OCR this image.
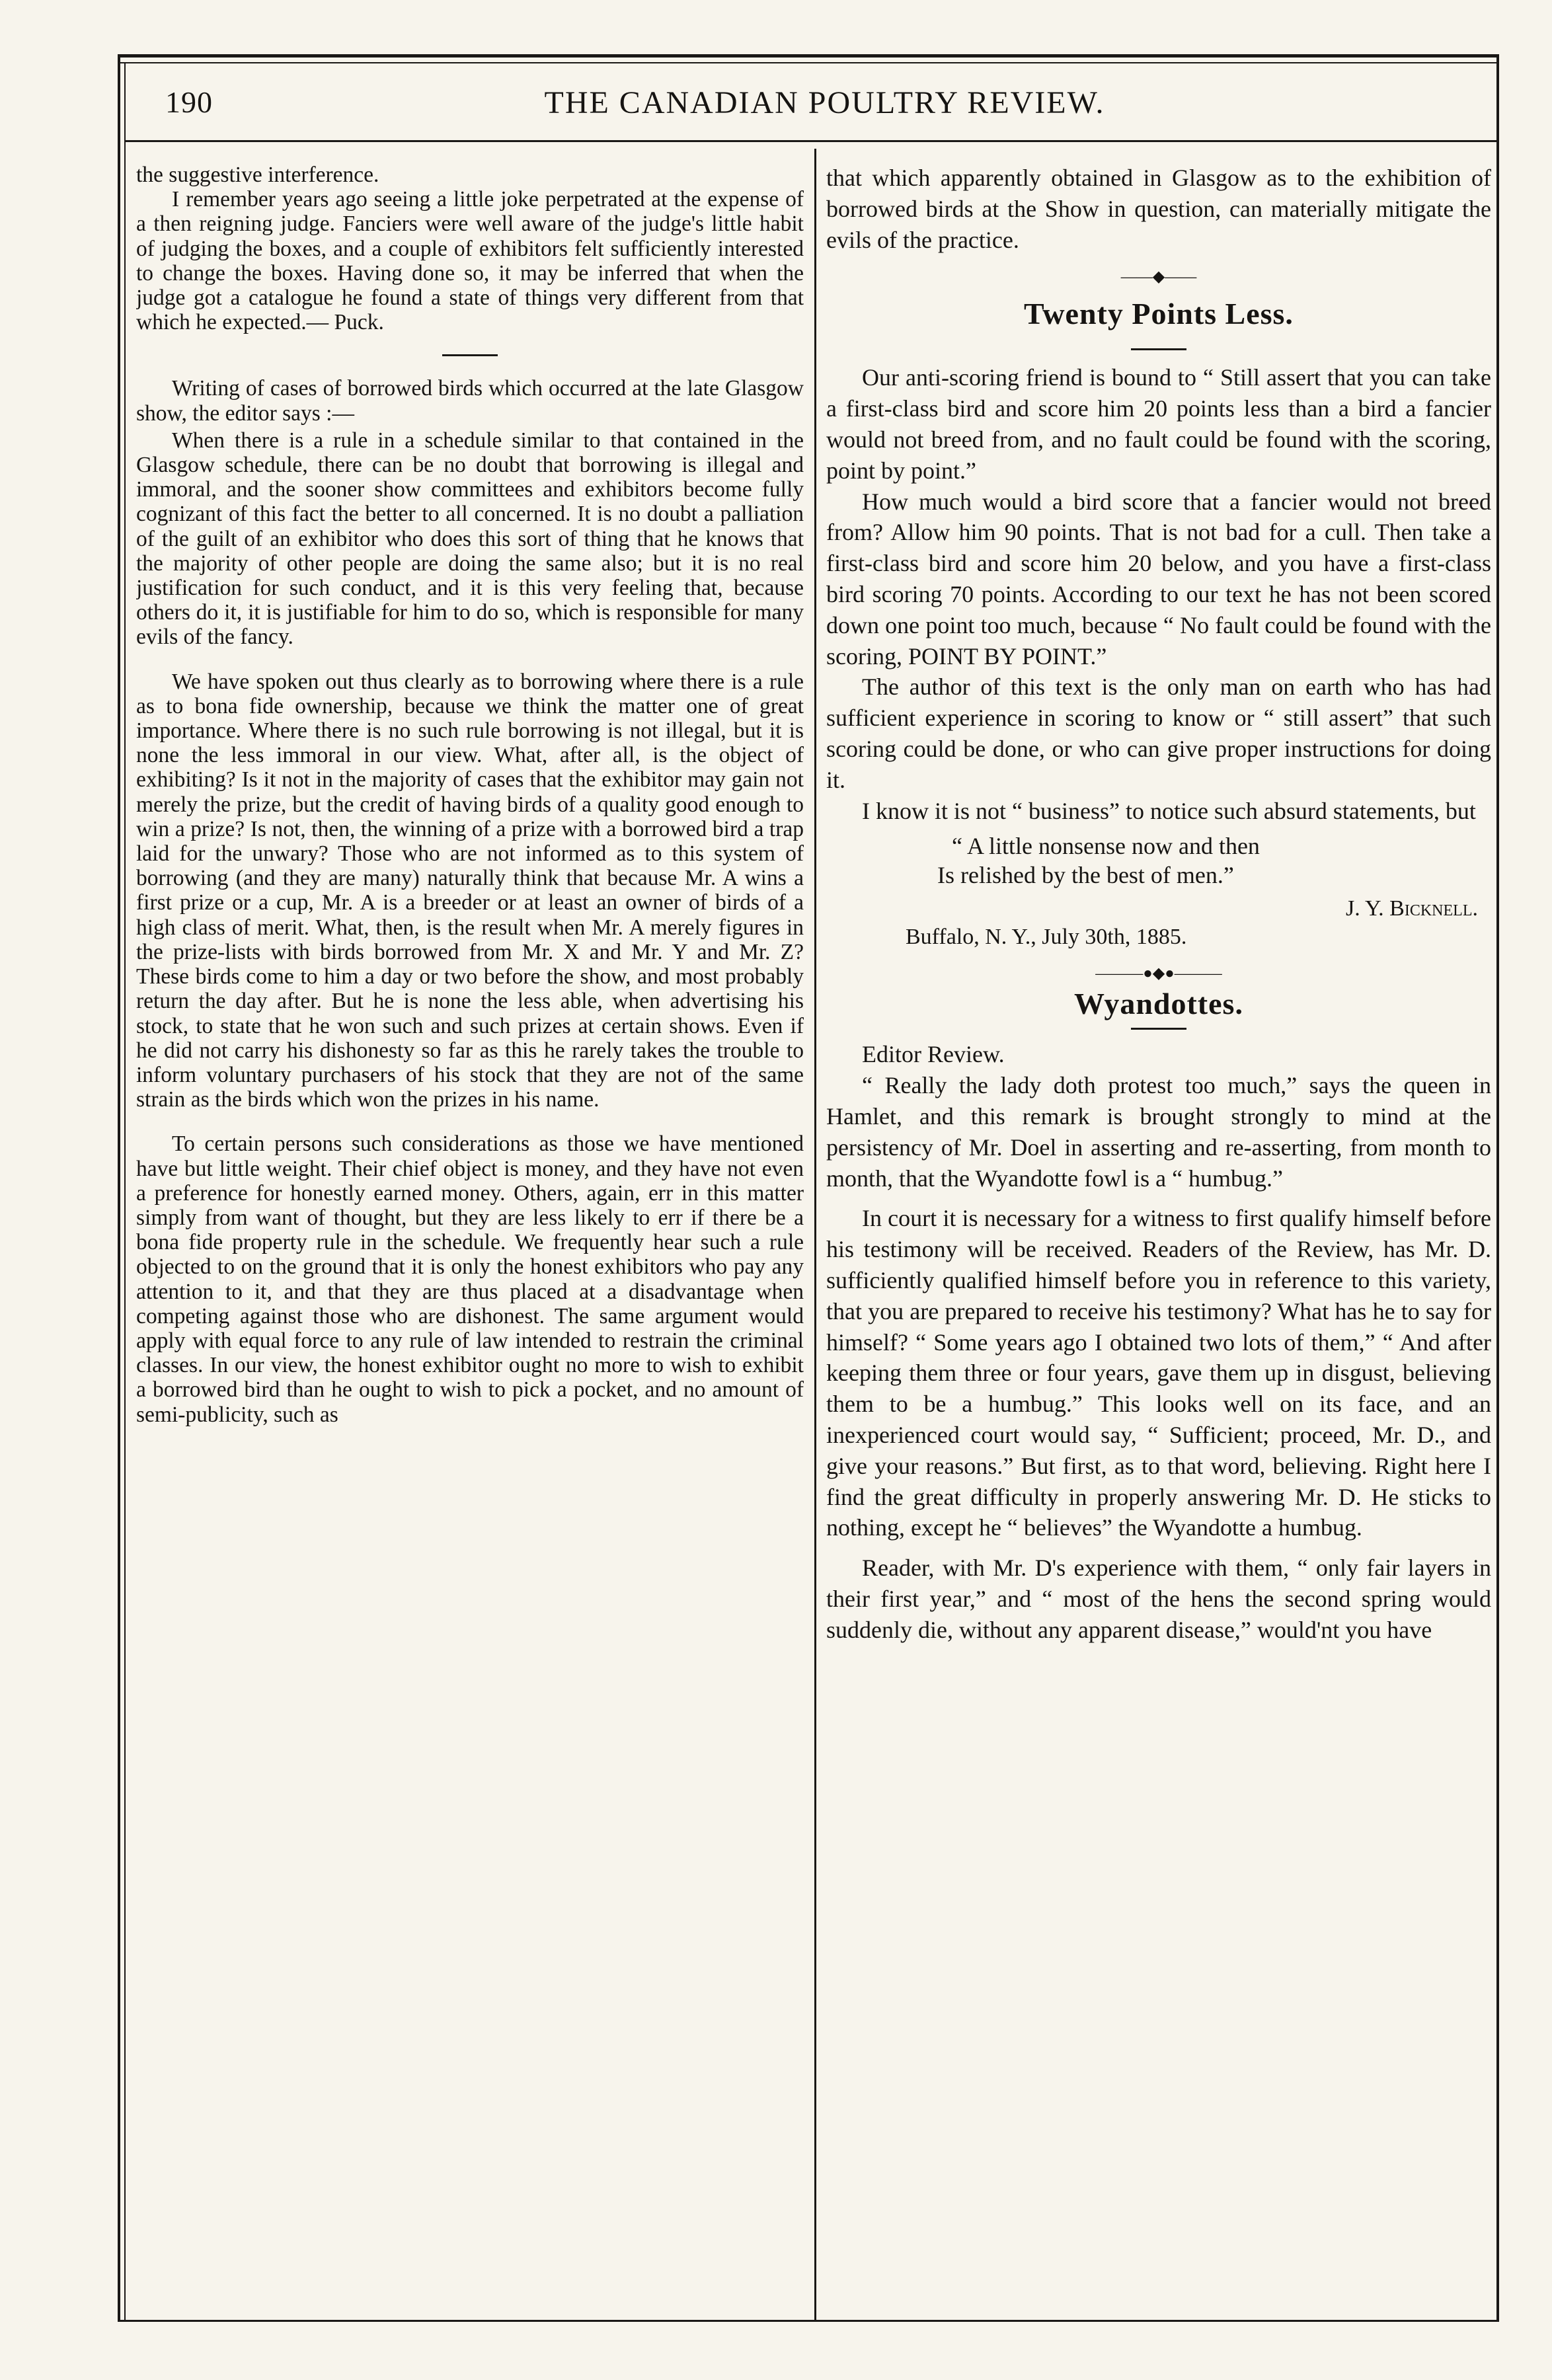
190	THE CANADIAN POULTRY REVIEW.

the suggestive interference.

I remember years ago seeing a little joke perpetrated at the expense of a then reigning judge. Fanciers were well aware of the judge's little habit of judging the boxes, and a couple of exhibitors felt sufficiently interested to change the boxes. Having done so, it may be inferred that when the judge got a catalogue he found a state of things very different from that which he expected.— Puck.

Writing of cases of borrowed birds which occurred at the late Glasgow show, the editor says :—

When there is a rule in a schedule similar to that contained in the Glasgow schedule, there can be no doubt that borrowing is illegal and immoral, and the sooner show committees and exhibitors become fully cognizant of this fact the better to all concerned. It is no doubt a palliation of the guilt of an exhibitor who does this sort of thing that he knows that the majority of other people are doing the same also; but it is no real justification for such conduct, and it is this very feeling that, because others do it, it is justifiable for him to do so, which is responsible for many evils of the fancy.

We have spoken out thus clearly as to borrowing where there is a rule as to bona fide ownership, because we think the matter one of great importance. Where there is no such rule borrowing is not illegal, but it is none the less immoral in our view. What, after all, is the object of exhibiting? Is it not in the majority of cases that the exhibitor may gain not merely the prize, but the credit of having birds of a quality good enough to win a prize? Is not, then, the winning of a prize with a borrowed bird a trap laid for the unwary? Those who are not informed as to this system of borrowing (and they are many) naturally think that because Mr. A wins a first prize or a cup, Mr. A is a breeder or at least an owner of birds of a high class of merit. What, then, is the result when Mr. A merely figures in the prize-lists with birds borrowed from Mr. X and Mr. Y and Mr. Z? These birds come to him a day or two before the show, and most probably return the day after. But he is none the less able, when advertising his stock, to state that he won such and such prizes at certain shows. Even if he did not carry his dishonesty so far as this he rarely takes the trouble to inform voluntary purchasers of his stock that they are not of the same strain as the birds which won the prizes in his name.

To certain persons such considerations as those we have mentioned have but little weight. Their chief object is money, and they have not even a preference for honestly earned money. Others, again, err in this matter simply from want of thought, but they are less likely to err if there be a bona fide property rule in the schedule. We frequently hear such a rule objected to on the ground that it is only the honest exhibitors who pay any attention to it, and that they are thus placed at a disadvantage when competing against those who are dishonest. The same argument would apply with equal force to any rule of law intended to restrain the criminal classes. In our view, the honest exhibitor ought no more to wish to exhibit a borrowed bird than he ought to wish to pick a pocket, and no amount of semi-publicity, such as

that which apparently obtained in Glasgow as to the exhibition of borrowed birds at the Show in question, can materially mitigate the evils of the practice.

――◆――
Twenty Points Less.

Our anti-scoring friend is bound to “ Still assert that you can take a first-class bird and score him 20 points less than a bird a fancier would not breed from, and no fault could be found with the scoring, point by point.”

How much would a bird score that a fancier would not breed from? Allow him 90 points. That is not bad for a cull. Then take a first-class bird and score him 20 below, and you have a first-class bird scoring 70 points. According to our text he has not been scored down one point too much, because “ No fault could be found with the scoring, POINT BY POINT.”

The author of this text is the only man on earth who has had sufficient experience in scoring to know or “ still assert” that such scoring could be done, or who can give proper instructions for doing it.

I know it is not “ business” to notice such absurd statements, but

“ A little nonsense now and then
Is relished by the best of men.”
J. Y. Bicknell.

Buffalo, N. Y., July 30th, 1885.

―――●◆●―――
Wyandottes.

Editor Review.

“ Really the lady doth protest too much,” says the queen in Hamlet, and this remark is brought strongly to mind at the persistency of Mr. Doel in asserting and re-asserting, from month to month, that the Wyandotte fowl is a “ humbug.”

In court it is necessary for a witness to first qualify himself before his testimony will be received. Readers of the Review, has Mr. D. sufficiently qualified himself before you in reference to this variety, that you are prepared to receive his testimony? What has he to say for himself? “ Some years ago I obtained two lots of them,” “ And after keeping them three or four years, gave them up in disgust, believing them to be a humbug.” This looks well on its face, and an inexperienced court would say, “ Sufficient; proceed, Mr. D., and give your reasons.” But first, as to that word, believing. Right here I find the great difficulty in properly answering Mr. D. He sticks to nothing, except he “ believes” the Wyandotte a humbug.

Reader, with Mr. D's experience with them, “ only fair layers in their first year,” and “ most of the hens the second spring would suddenly die, without any apparent disease,” would'nt you have
